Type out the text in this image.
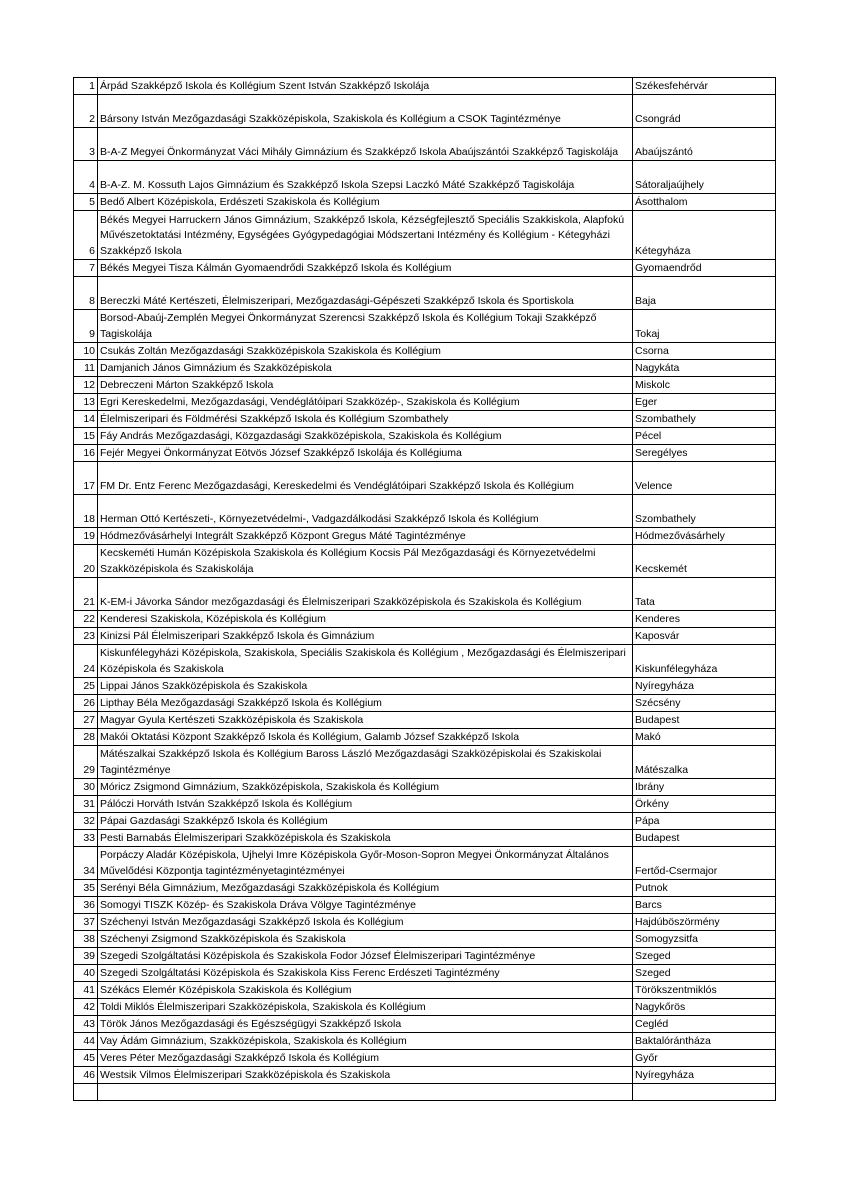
1	Árpád Szakképző Iskola és Kollégium Szent István Szakképző Iskolája	Székesfehérvár
2	Bársony István Mezőgazdasági Szakközépiskola, Szakiskola és Kollégium a CSOK Tagintézménye	Csongrád
3	B-A-Z Megyei Önkormányzat Váci Mihály Gimnázium és Szakképző Iskola Abaújszántói Szakképző Tagiskolája	Abaújszántó
4	B-A-Z. M. Kossuth Lajos Gimnázium és Szakképző Iskola Szepsi Laczkó Máté Szakképző Tagiskolája	Sátoraljaújhely
5	Bedő Albert Középiskola, Erdészeti Szakiskola és Kollégium	Ásotthalom
6	Békés Megyei Harruckern János Gimnázium, Szakképző Iskola, Kézségfejlesztő Speciális Szakkiskola, Alapfokú Művészetoktatási Intézmény, Egységées Gyógypedagógiai Módszertani Intézmény és Kollégium - Kétegyházi Szakképző Iskola	Kétegyháza
7	Békés Megyei Tisza Kálmán Gyomaendrődi Szakképző Iskola és Kollégium	Gyomaendrőd
8	Bereczki Máté Kertészeti, Élelmiszeripari, Mezőgazdasági-Gépészeti Szakképző Iskola és Sportiskola	Baja
9	Borsod-Abaúj-Zemplén Megyei Önkormányzat Szerencsi Szakképző Iskola és Kollégium Tokaji Szakképző Tagiskolája	Tokaj
10	Csukás Zoltán Mezőgazdasági Szakközépiskola Szakiskola és Kollégium	Csorna
11	Damjanich János Gimnázium és Szakközépiskola	Nagykáta
12	Debreczeni Márton Szakképző Iskola	Miskolc
13	Egri Kereskedelmi, Mezőgazdasági, Vendéglátóipari Szakközép-, Szakiskola és Kollégium	Eger
14	Élelmiszeripari és Földmérési Szakképző Iskola és Kollégium Szombathely	Szombathely
15	Fáy András Mezőgazdasági, Közgazdasági Szakközépiskola, Szakiskola és Kollégium	Pécel
16	Fejér Megyei Önkormányzat Eötvös József Szakképző Iskolája és Kollégiuma	Seregélyes
17	FM Dr. Entz Ferenc Mezőgazdasági, Kereskedelmi és Vendéglátóipari Szakképző Iskola és Kollégium	Velence
18	Herman Ottó Kertészeti-, Környezetvédelmi-, Vadgazdálkodási Szakképző Iskola és Kollégium	Szombathely
19	Hódmezővásárhelyi Integrált Szakképző Központ Gregus Máté Tagintézménye	Hódmezővásárhely
20	Kecskeméti Humán Középiskola Szakiskola és Kollégium Kocsis Pál Mezőgazdasági és Környezetvédelmi Szakközépiskola és Szakiskolája	Kecskemét
21	K-EM-i Jávorka Sándor mezőgazdasági és Élelmiszeripari Szakközépiskola és Szakiskola és Kollégium	Tata
22	Kenderesi Szakiskola, Középiskola és Kollégium	Kenderes
23	Kinizsi Pál Élelmiszeripari Szakképző Iskola és Gimnázium	Kaposvár
24	Kiskunfélegyházi Középiskola, Szakiskola, Speciális Szakiskola és Kollégium , Mezőgazdasági és Élelmiszeripari Középiskola és Szakiskola	Kiskunfélegyháza
25	Lippai János Szakközépiskola és Szakiskola	Nyíregyháza
26	Lipthay Béla Mezőgazdasági Szakképző Iskola és Kollégium	Szécsény
27	Magyar Gyula Kertészeti Szakközépiskola és Szakiskola	Budapest
28	Makói Oktatási Központ Szakképző Iskola és Kollégium, Galamb József Szakképző Iskola	Makó
29	Mátészalkai Szakképző Iskola és Kollégium Baross László Mezőgazdasági Szakközépiskolai és Szakiskolai Tagintézménye	Mátészalka
30	Móricz Zsigmond Gimnázium, Szakközépiskola, Szakiskola és Kollégium	Ibrány
31	Pálóczi Horváth István Szakképző Iskola és Kollégium	Örkény
32	Pápai Gazdasági Szakképző Iskola és Kollégium	Pápa
33	Pesti Barnabás Élelmiszeripari Szakközépiskola és Szakiskola	Budapest
34	Porpáczy Aladár Középiskola, Ujhelyi Imre Középiskola Győr-Moson-Sopron Megyei Önkormányzat Általános Művelődési Központja tagintézményetagintézményei	Fertőd-Csermajor
35	Serényi Béla Gimnázium, Mezőgazdasági Szakközépiskola és Kollégium	Putnok
36	Somogyi TISZK Közép- és Szakiskola Dráva Völgye Tagintézménye	Barcs
37	Széchenyi István Mezőgazdasági Szakképző Iskola és Kollégium	Hajdúböszörmény
38	Széchenyi Zsigmond Szakközépiskola és Szakiskola	Somogyzsitfa
39	Szegedi Szolgáltatási Középiskola és Szakiskola Fodor József Élelmiszeripari Tagintézménye	Szeged
40	Szegedi Szolgáltatási Középiskola és Szakiskola Kiss Ferenc Erdészeti Tagintézmény	Szeged
41	Székács Elemér Középiskola Szakiskola és Kollégium	Törökszentmiklós
42	Toldi Miklós Élelmiszeripari Szakközépiskola, Szakiskola és Kollégium	Nagykőrös
43	Török János Mezőgazdasági és Egészségügyi Szakképző Iskola	Cegléd
44	Vay Ádám Gimnázium, Szakközépiskola, Szakiskola és Kollégium	Baktalórántháza
45	Veres Péter Mezőgazdasági Szakképző Iskola és Kollégium	Győr
46	Westsik Vilmos Élelmiszeripari Szakközépiskola és Szakiskola	Nyíregyháza
